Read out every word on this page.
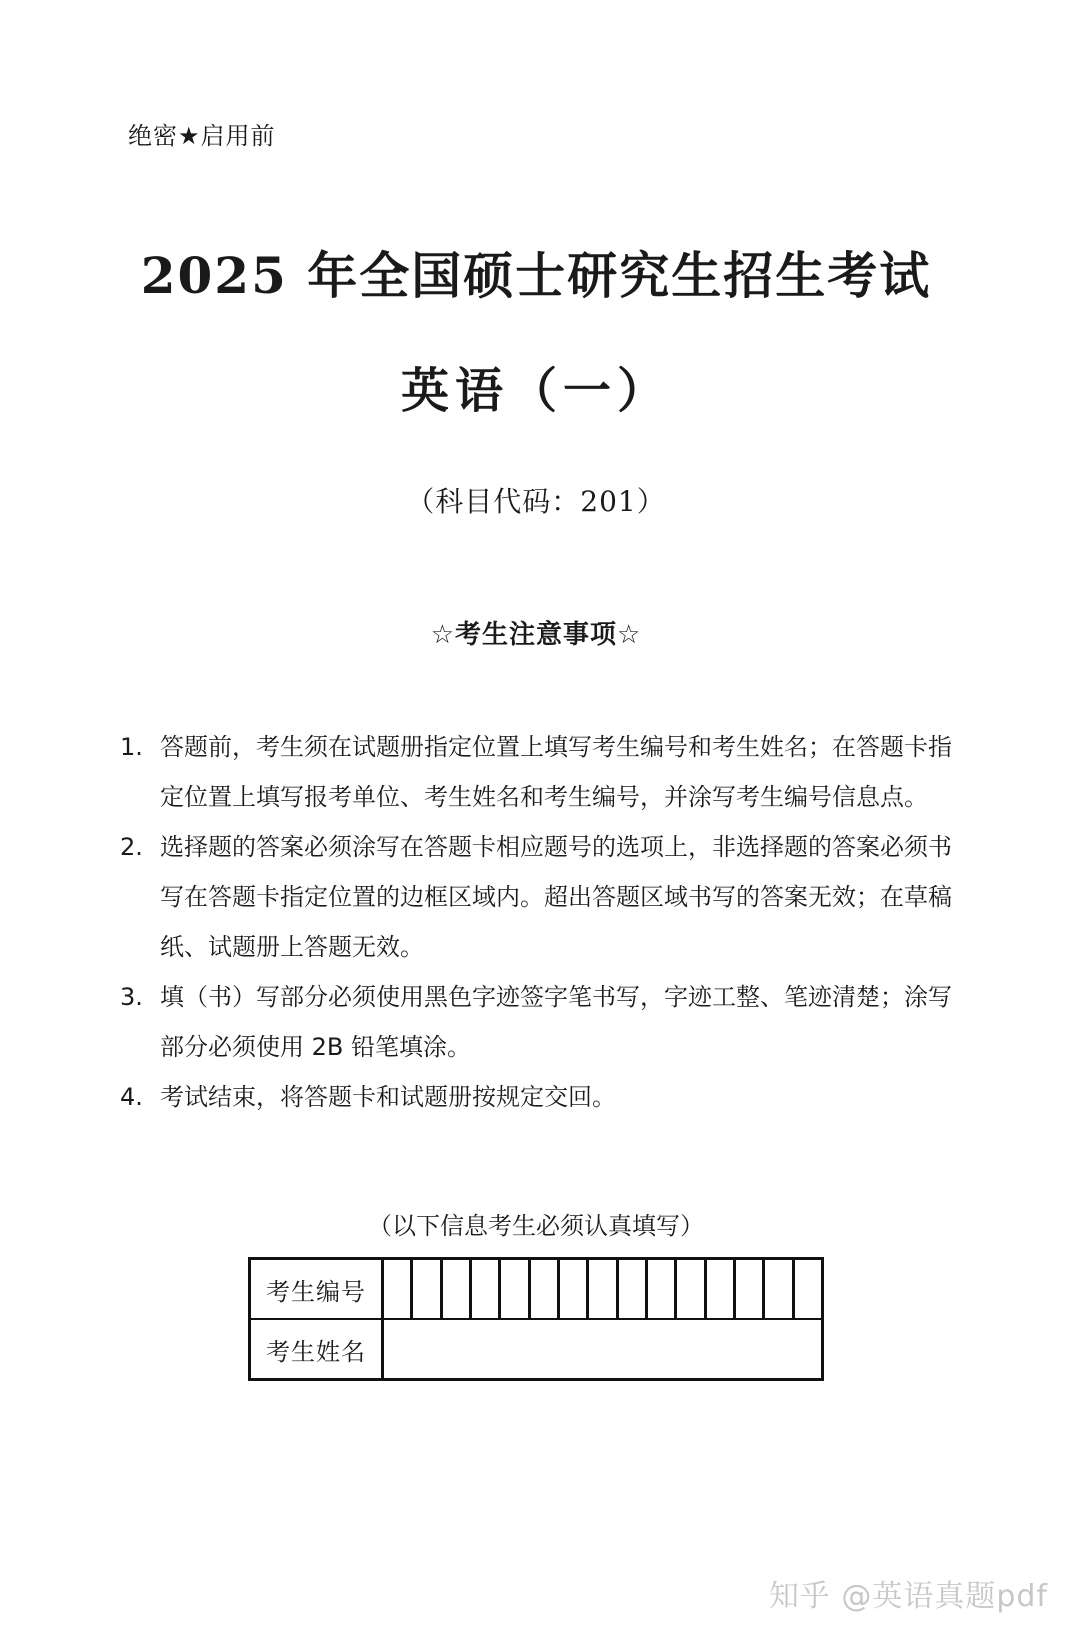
绝密★启用前
2025 年全国硕士研究生招生考试
英语（一）
（科目代码：201）
☆考生注意事项☆
1. 答题前，考生须在试题册指定位置上填写考生编号和考生姓名；在答题卡指定位置上填写报考单位、考生姓名和考生编号，并涂写考生编号信息点。
2. 选择题的答案必须涂写在答题卡相应题号的选项上，非选择题的答案必须书写在答题卡指定位置的边框区域内。超出答题区域书写的答案无效；在草稿纸、试题册上答题无效。
3. 填（书）写部分必须使用黑色字迹签字笔书写，字迹工整、笔迹清楚；涂写部分必须使用 2B 铅笔填涂。
4. 考试结束，将答题卡和试题册按规定交回。
（以下信息考生必须认真填写）
考生编号
考生姓名
知乎 @英语真题pdf
